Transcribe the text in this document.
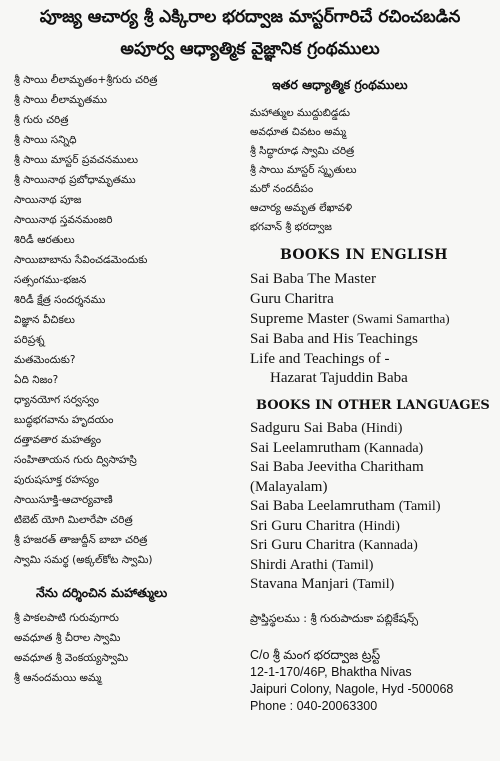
పూజ్య ఆచార్య శ్రీ ఎక్కిరాల భరద్వాజ మాస్టర్‌గారిచే రచించబడిన
అపూర్వ ఆధ్యాత్మిక వైజ్ఞానిక గ్రంథములు
శ్రీ సాయి లీలామృతం+శ్రీగురు చరిత్ర
శ్రీ సాయి లీలామృతము
శ్రీ గురు చరిత్ర
శ్రీ సాయి సన్నిధి
శ్రీ సాయి మాస్టర్ ప్రవచనములు
శ్రీ సాయినాథ ప్రబోధామృతము
సాయినాథ పూజ
సాయినాథ స్తవనమంజరి
శిరిడీ ఆరతులు
సాయిబాబాను సేవించడమెందుకు
సత్సంగము-భజన
శిరిడీ క్షేత్ర సందర్శనము
విజ్ఞాన వీచికలు
పరిప్రశ్న
మతమెందుకు?
ఏది నిజం?
ధ్యానయోగ సర్వస్వం
బుద్ధభగవాను హృదయం
దత్తావతార మహత్యం
సంహితాయన గురు ద్విసాహస్రి
పురుషసూక్త రహస్యం
సాయిసూక్తి-ఆచార్యవాణి
టిబెట్ యోగి మిలారేపా చరిత్ర
శ్రీ హజరత్ తాజుద్దీన్ బాబా చరిత్ర
స్వామి సమర్థ (అక్కల్‌కోట స్వామి)
నేను దర్శించిన మహాత్ములు
శ్రీ పాకలపాటి గురువుగారు
అవధూత శ్రీ చీరాల స్వామి
అవధూత శ్రీ వెంకయ్యస్వామి
శ్రీ ఆనందమయి అమ్మ
ఇతర ఆధ్యాత్మిక గ్రంథములు
మహాత్ముల ముద్దుబిడ్డడు
అవధూత చివటం అమ్మ
శ్రీ సిద్ధారూఢ స్వామి చరిత్ర
శ్రీ సాయి మాస్టర్ స్మృతులు
మరో నందదీపం
ఆచార్య అమృత లేఖావళి
భగవాన్ శ్రీ భరద్వాజ
BOOKS IN ENGLISH
Sai Baba The Master
Guru Charitra
Supreme Master (Swami Samartha)
Sai Baba and His Teachings
Life and Teachings of -
Hazarat Tajuddin Baba
BOOKS IN OTHER LANGUAGES
Sadguru Sai Baba (Hindi)
Sai Leelamrutham (Kannada)
Sai Baba Jeevitha Charitham
(Malayalam)
Sai Baba Leelamrutham (Tamil)
Sri Guru Charitra (Hindi)
Sri Guru Charitra (Kannada)
Shirdi Arathi (Tamil)
Stavana Manjari (Tamil)
ప్రాప్తిస్థలము : శ్రీ గురుపాదుకా పబ్లికేషన్స్
C/o శ్రీ మంగ భరద్వాజ ట్రస్ట్
12-1-170/46P, Bhaktha Nivas
Jaipuri Colony, Nagole, Hyd -500068
Phone : 040-20063300
